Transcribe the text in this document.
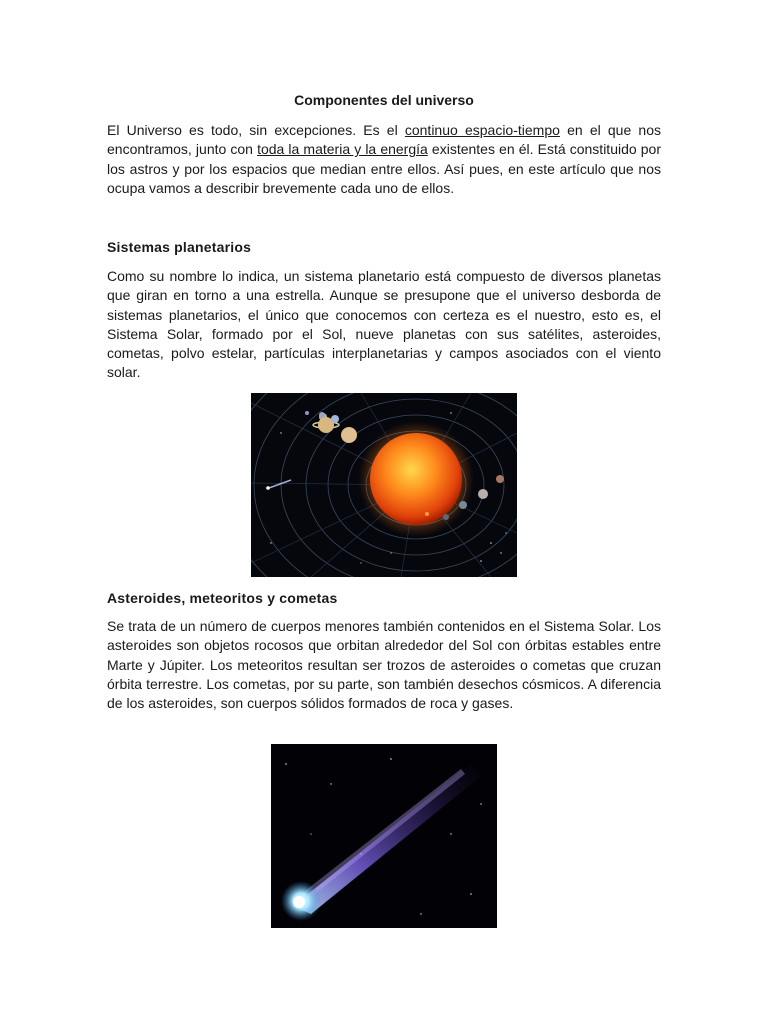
Componentes del universo

El Universo es todo, sin excepciones. Es el continuo espacio-tiempo en el que nos encontramos, junto con toda la materia y la energía existentes en él. Está constituido por los astros y por los espacios que median entre ellos. Así pues, en este artículo que nos ocupa vamos a describir brevemente cada uno de ellos.

Sistemas planetarios

Como su nombre lo indica, un sistema planetario está compuesto de diversos planetas que giran en torno a una estrella. Aunque se presupone que el universo desborda de sistemas planetarios, el único que conocemos con certeza es el nuestro, esto es, el Sistema Solar, formado por el Sol, nueve planetas con sus satélites, asteroides, cometas, polvo estelar, partículas interplanetarias y campos asociados con el viento solar.

Asteroides, meteoritos y cometas

Se trata de un número de cuerpos menores también contenidos en el Sistema Solar. Los asteroides son objetos rocosos que orbitan alrededor del Sol con órbitas estables entre Marte y Júpiter. Los meteoritos resultan ser trozos de asteroides o cometas que cruzan órbita terrestre. Los cometas, por su parte, son también desechos cósmicos. A diferencia de los asteroides, son cuerpos sólidos formados de roca y gases.
